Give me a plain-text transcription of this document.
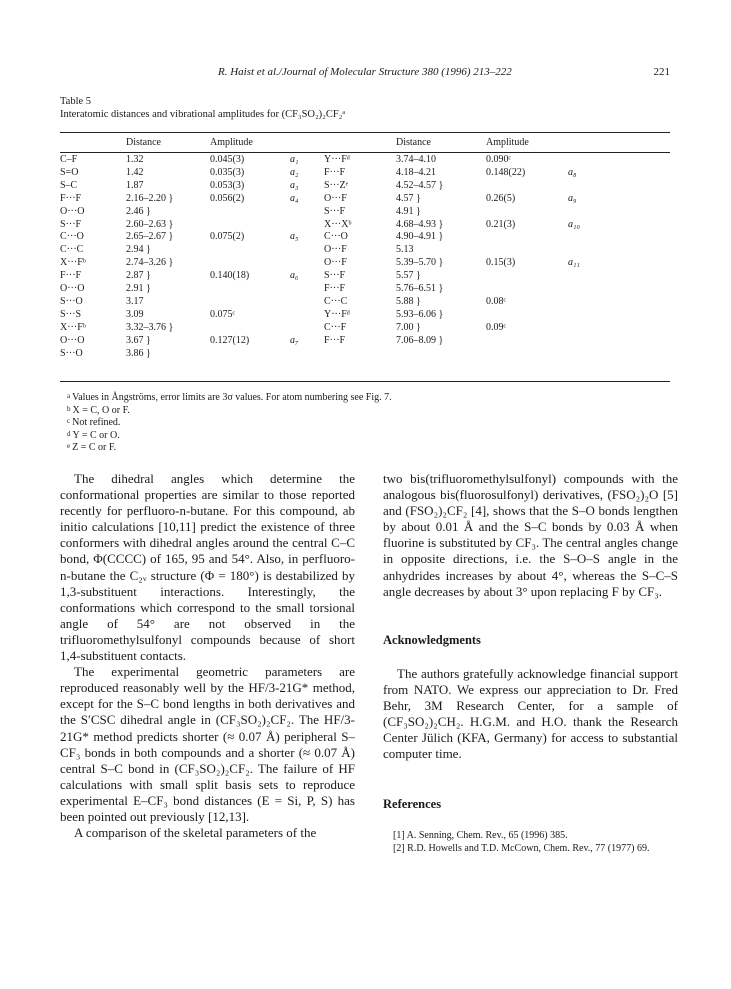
R. Haist et al./Journal of Molecular Structure 380 (1996) 213–222	221
Table 5
Interatomic distances and vibrational amplitudes for (CF₃SO₂)₂CF₂ᵃ
	Distance	Amplitude			Distance	Amplitude	
C–F	1.32	0.045(3)	a₁	Y···Fᵈ	3.74–4.10	0.090ᶜ	
S=O	1.42	0.035(3)	a₂	F···F	4.18–4.21	0.148(22)	a₈
S–C	1.87	0.053(3)	a₃	S···Zᵉ	4.52–4.57 }		
F···F	2.16–2.20 }	0.056(2)	a₄	O···F	4.57 }	0.26(5)	a₉
O···O	2.46 }			S···F	4.91 }		
S···F	2.60–2.63 }			X···Xᵇ	4.68–4.93 }	0.21(3)	a₁₀
C···O	2.65–2.67 }	0.075(2)	a₅	C···O	4.90–4.91 }		
C···C	2.94 }			O···F	5.13		
X···Fᵇ	2.74–3.26 }			O···F	5.39–5.70 }	0.15(3)	a₁₁
F···F	2.87 }	0.140(18)	a₆	S···F	5.57 }		
O···O	2.91 }			F···F	5.76–6.51 }		
S···O	3.17			C···C	5.88 }	0.08ᶜ	
S···S	3.09	0.075ᶜ		Y···Fᵈ	5.93–6.06 }		
X···Fᵇ	3.32–3.76 }			C···F	7.00 }	0.09ᶜ	
O···O	3.67 }	0.127(12)	a₇	F···F	7.06–8.09 }		
S···O	3.86 }						
$^a$ Values in Ångströms, error limits are 3σ values. For atom numbering see Fig. 7.
$^b$ X = C, O or F.
$^c$ Not refined.
$^d$ Y = C or O.
$^e$ Z = C or F.

The dihedral angles which determine the conformational properties are similar to those reported recently for perfluoro-n-butane. For this compound, ab initio calculations [10,11] predict the existence of three conformers with dihedral angles around the central C–C bond, Φ(CCCC) of 165, 95 and 54°. Also, in perfluoro-n-butane the C₂ᵥ structure (Φ = 180°) is destabilized by 1,3-substituent interactions. Interestingly, the conformations which correspond to the small torsional angle of 54° are not observed in the trifluoromethylsulfonyl compounds because of short 1,4-substituent contacts.

The experimental geometric parameters are reproduced reasonably well by the HF/3-21G* method, except for the S–C bond lengths in both derivatives and the S′CSC dihedral angle in (CF₃SO₂)₂CF₂. The HF/3-21G* method predicts shorter (≈ 0.07 Å) peripheral S–CF₃ bonds in both compounds and a shorter (≈ 0.07 Å) central S–C bond in (CF₃SO₂)₂CF₂. The failure of HF calculations with small split basis sets to reproduce experimental E–CF₃ bond distances (E = Si, P, S) has been pointed out previously [12,13].

A comparison of the skeletal parameters of the

two bis(trifluoromethylsulfonyl) compounds with the analogous bis(fluorosulfonyl) derivatives, (FSO₂)₂O [5] and (FSO₂)₂CF₂ [4], shows that the S–O bonds lengthen by about 0.01 Å and the S–C bonds by 0.03 Å when fluorine is substituted by CF₃. The central angles change in opposite directions, i.e. the S–O–S angle in the anhydrides increases by about 4°, whereas the S–C–S angle decreases by about 3° upon replacing F by CF₃.

Acknowledgments

The authors gratefully acknowledge financial support from NATO. We express our appreciation to Dr. Fred Behr, 3M Research Center, for a sample of (CF₃SO₂)₂CH₂. H.G.M. and H.O. thank the Research Center Jülich (KFA, Germany) for access to substantial computer time.

References
[1] A. Senning, Chem. Rev., 65 (1996) 385.
[2] R.D. Howells and T.D. McCown, Chem. Rev., 77 (1977) 69.
